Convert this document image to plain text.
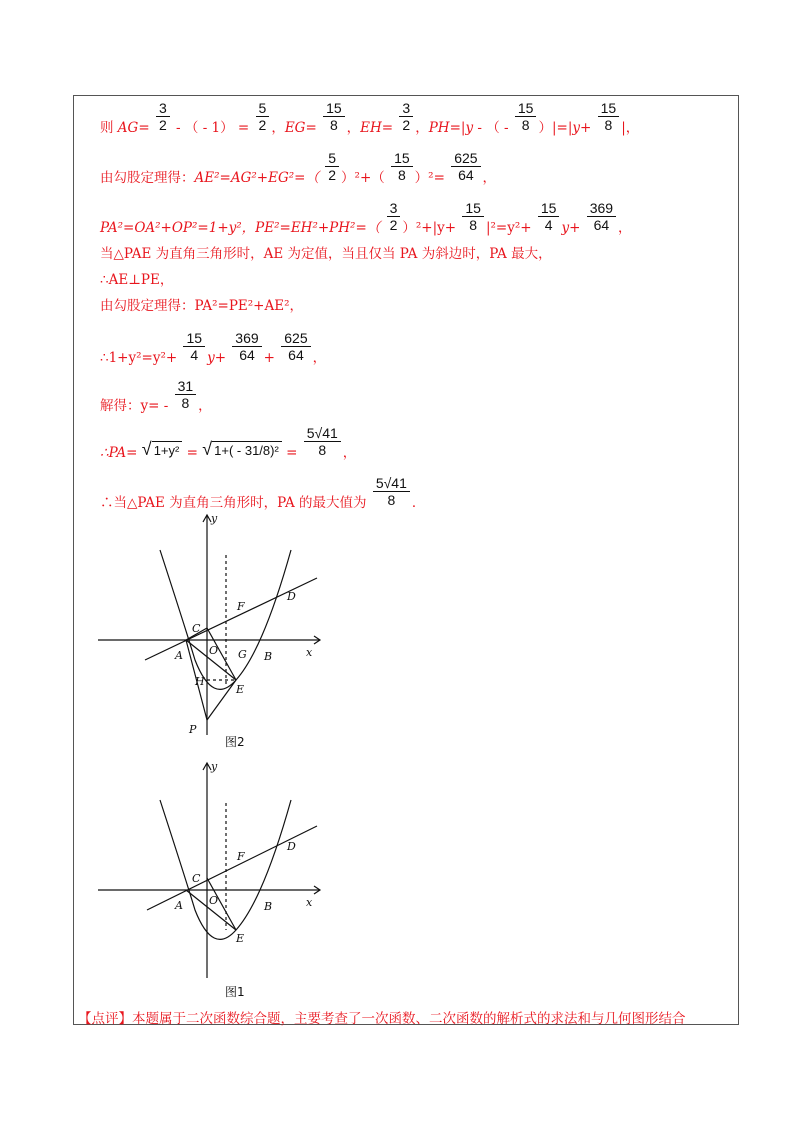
则 $AG= \frac{3}{2}$ - （ - $1) = \frac{5}{2}$ ，$EG= \frac{15}{8}$ ，$EH= \frac{3}{2}$ ，PH=|y - （ - $\frac{15}{8} )|=|y+ \frac{15}{8}$ |，
由勾股定理得：$AE^2=AG^2+EG^2=( \frac{5}{2} )^2+( \frac{15}{8} )^2= \frac{625}{64}$ ，
PA²=OA²+OP²=1+y²，$PE^2=EH^2+PH^2=( \frac{3}{2} )^2+|y+ \frac{15}{8} |^2=y^2+ \frac{15}{4} y+ \frac{369}{64}$ ，
当△PAE 为直角三角形时，AE 为定值，当且仅当 PA 为斜边时，PA 最大，
∴AE⊥PE，
由勾股定理得：PA²=PE²+AE²，
∴1+y²=y²+ $\frac{15}{4} y+ \frac{369}{64} + \frac{625}{64}$ ，
解得：$y= - \frac{31}{8}$ ，
∴PA= √ 1+y² = √ $1+( - 31/8)^2 = \frac{5√41}{8}$ ，
∴当△PAE 为直角三角形时，PA 的最大值为 $\frac{5√41}{8}$ ．
y
x
O
A	B
C
D
E
F
G
H
P
图2
y
x
O
A	B
C
D
E
F
图1
【点评】本题属于二次函数综合题，主要考查了一次函数、二次函数的解析式的求法和与几何图形结合
